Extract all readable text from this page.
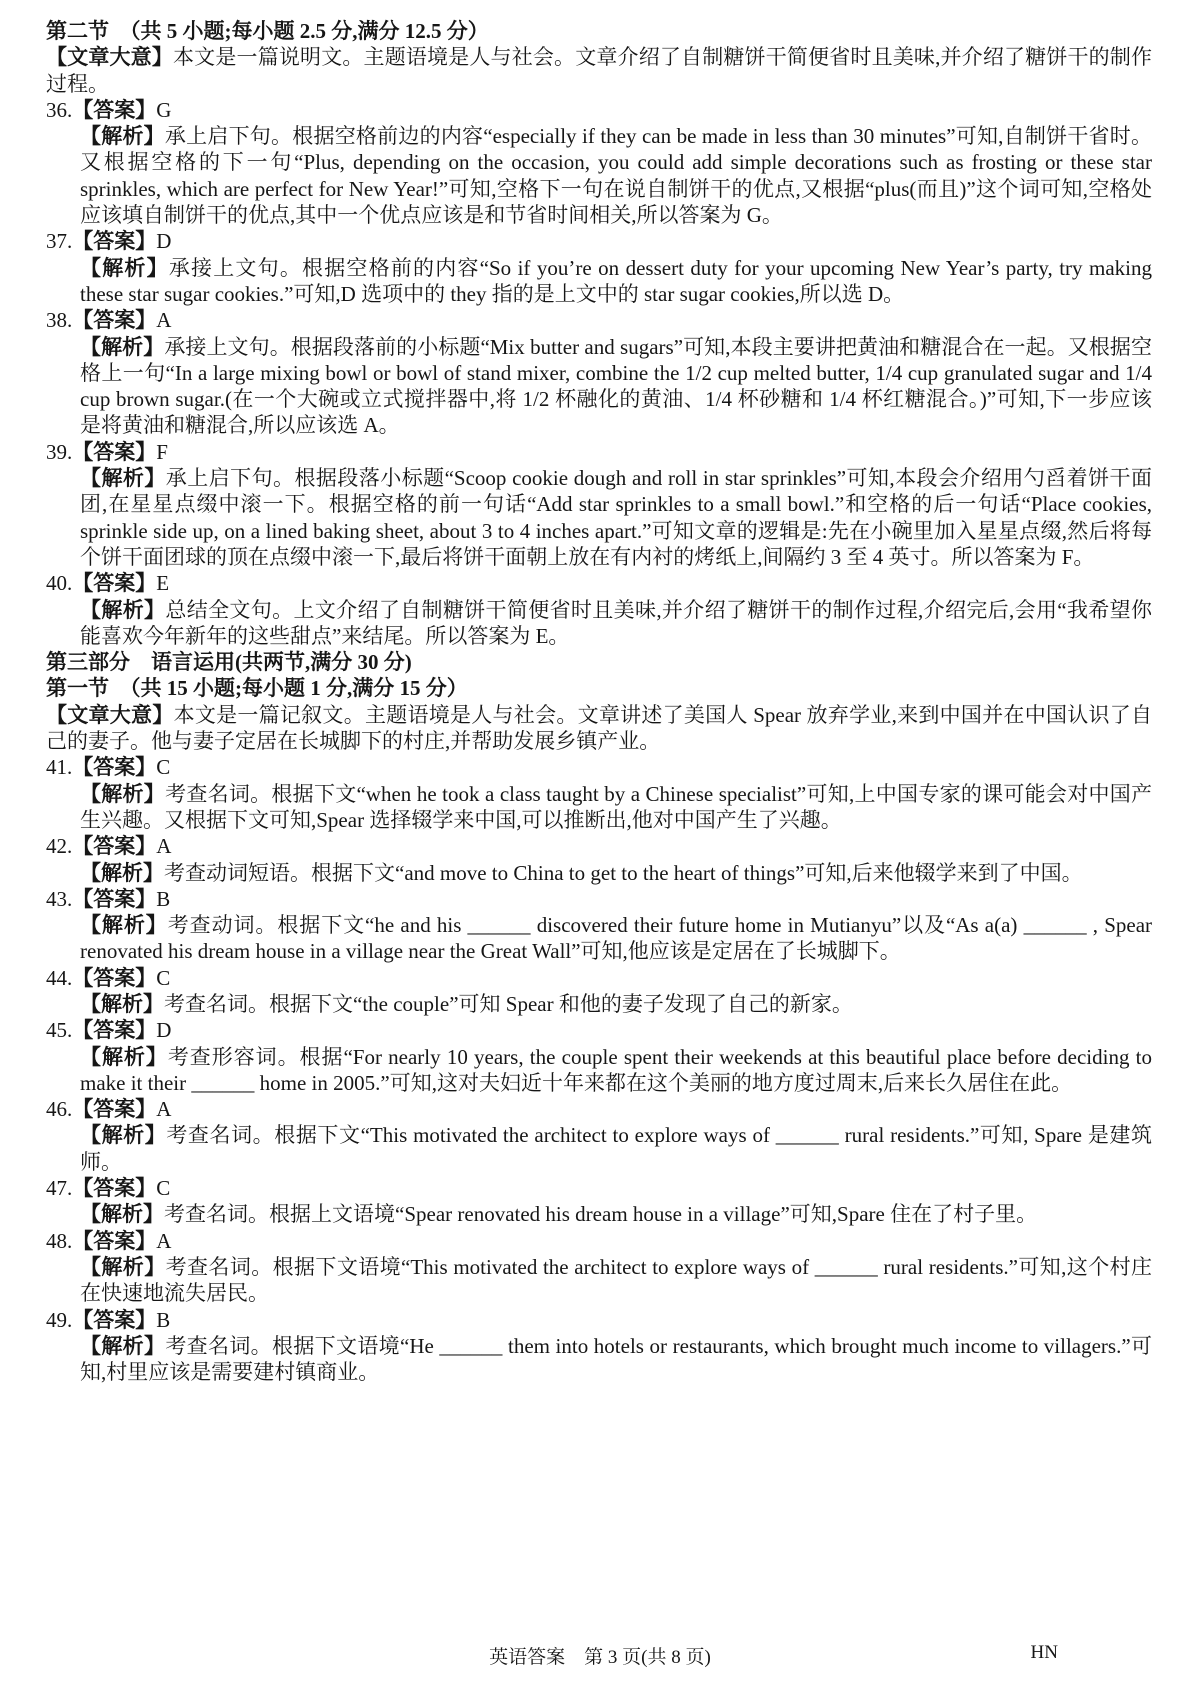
第二节　（共 5 小题;每小题 2.5 分,满分 12.5 分）
【文章大意】本文是一篇说明文。主题语境是人与社会。文章介绍了自制糖饼干简便省时且美味,并介绍了糖饼干的制作过程。
36.【答案】G
【解析】承上启下句。根据空格前边的内容“especially if they can be made in less than 30 minutes”可知,自制饼干省时。又根据空格的下一句“Plus, depending on the occasion, you could add simple decorations such as frosting or these star sprinkles, which are perfect for New Year!”可知,空格下一句在说自制饼干的优点,又根据“plus(而且)”这个词可知,空格处应该填自制饼干的优点,其中一个优点应该是和节省时间相关,所以答案为 G。
37.【答案】D
【解析】承接上文句。根据空格前的内容“So if you’re on dessert duty for your upcoming New Year’s party, try making these star sugar cookies.”可知,D 选项中的 they 指的是上文中的 star sugar cookies,所以选 D。
38.【答案】A
【解析】承接上文句。根据段落前的小标题“Mix butter and sugars”可知,本段主要讲把黄油和糖混合在一起。又根据空格上一句“In a large mixing bowl or bowl of stand mixer, combine the 1/2 cup melted butter, 1/4 cup granulated sugar and 1/4 cup brown sugar.(在一个大碗或立式搅拌器中,将 1/2 杯融化的黄油、1/4 杯砂糖和 1/4 杯红糖混合。)”可知,下一步应该是将黄油和糖混合,所以应该选 A。
39.【答案】F
【解析】承上启下句。根据段落小标题“Scoop cookie dough and roll in star sprinkles”可知,本段会介绍用勺舀着饼干面团,在星星点缀中滚一下。根据空格的前一句话“Add star sprinkles to a small bowl.”和空格的后一句话“Place cookies, sprinkle side up, on a lined baking sheet, about 3 to 4 inches apart.”可知文章的逻辑是:先在小碗里加入星星点缀,然后将每个饼干面团球的顶在点缀中滚一下,最后将饼干面朝上放在有内衬的烤纸上,间隔约 3 至 4 英寸。所以答案为 F。
40.【答案】E
【解析】总结全文句。上文介绍了自制糖饼干简便省时且美味,并介绍了糖饼干的制作过程,介绍完后,会用“我希望你能喜欢今年新年的这些甜点”来结尾。所以答案为 E。
第三部分　语言运用(共两节,满分 30 分)
第一节　（共 15 小题;每小题 1 分,满分 15 分）
【文章大意】本文是一篇记叙文。主题语境是人与社会。文章讲述了美国人 Spear 放弃学业,来到中国并在中国认识了自己的妻子。他与妻子定居在长城脚下的村庄,并帮助发展乡镇产业。
41.【答案】C
【解析】考查名词。根据下文“when he took a class taught by a Chinese specialist”可知,上中国专家的课可能会对中国产生兴趣。又根据下文可知,Spear 选择辍学来中国,可以推断出,他对中国产生了兴趣。
42.【答案】A
【解析】考查动词短语。根据下文“and move to China to get to the heart of things”可知,后来他辍学来到了中国。
43.【答案】B
【解析】考查动词。根据下文“he and his ______ discovered their future home in Mutianyu”以及“As a(a) ______ , Spear renovated his dream house in a village near the Great Wall”可知,他应该是定居在了长城脚下。
44.【答案】C
【解析】考查名词。根据下文“the couple”可知 Spear 和他的妻子发现了自己的新家。
45.【答案】D
【解析】考查形容词。根据“For nearly 10 years, the couple spent their weekends at this beautiful place before deciding to make it their ______ home in 2005.”可知,这对夫妇近十年来都在这个美丽的地方度过周末,后来长久居住在此。
46.【答案】A
【解析】考查名词。根据下文“This motivated the architect to explore ways of ______ rural residents.”可知, Spare 是建筑师。
47.【答案】C
【解析】考查名词。根据上文语境“Spear renovated his dream house in a village”可知,Spare 住在了村子里。
48.【答案】A
【解析】考查名词。根据下文语境“This motivated the architect to explore ways of ______ rural residents.”可知,这个村庄在快速地流失居民。
49.【答案】B
【解析】考查名词。根据下文语境“He ______ them into hotels or restaurants, which brought much income to villagers.”可知,村里应该是需要建村镇商业。
英语答案　第 3 页(共 8 页)	HN
